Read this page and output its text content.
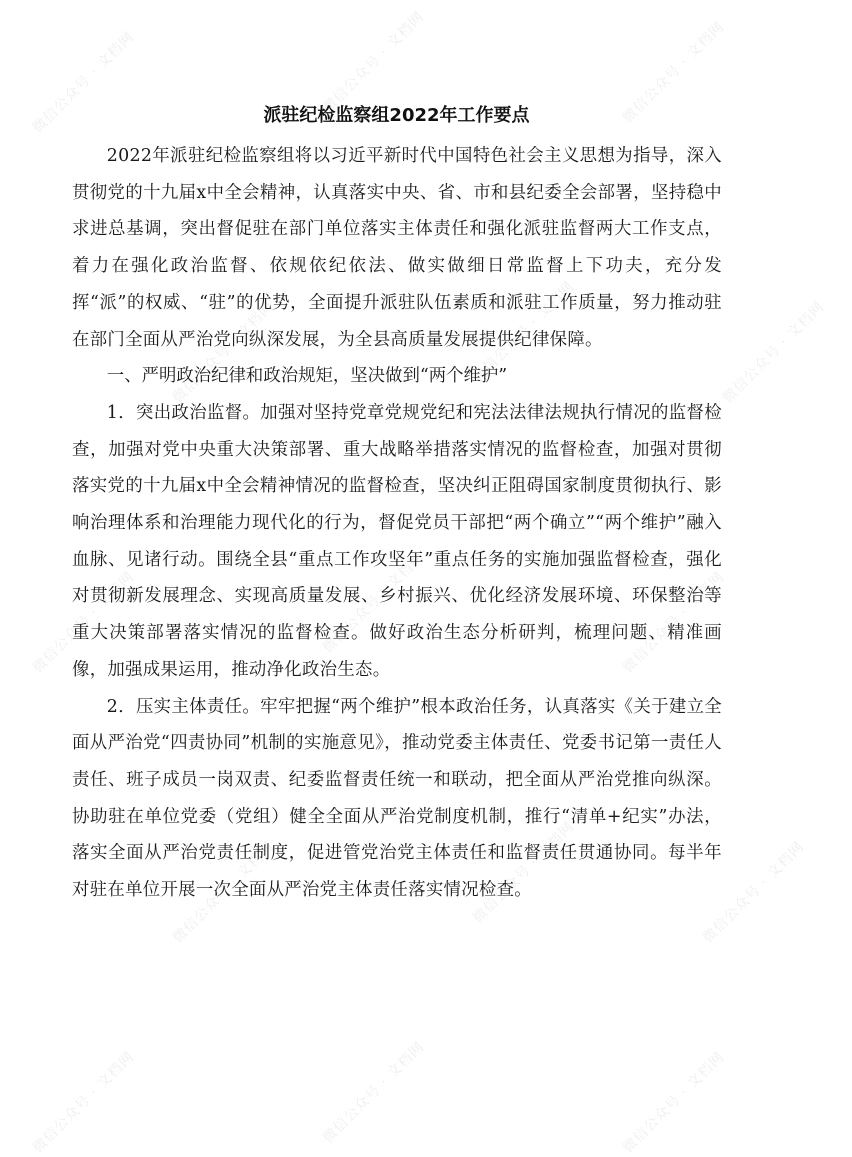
微信公众号 · 文档网	微信公众号 · 文档网	微信公众号 · 文档网
微信公众号 · 文档网	微信公众号 · 文档网	微信公众号 · 文档网
微信公众号 · 文档网	微信公众号 · 文档网	微信公众号 · 文档网
微信公众号 · 文档网	微信公众号 · 文档网	微信公众号 · 文档网
微信公众号 · 文档网	微信公众号 · 文档网	微信公众号 · 文档网
派驻纪检监察组2022年工作要点

2022年派驻纪检监察组将以习近平新时代中国特色社会主义思想为指导，深入贯彻党的十九届x中全会精神，认真落实中央、省、市和县纪委全会部署，坚持稳中求进总基调，突出督促驻在部门单位落实主体责任和强化派驻监督两大工作支点，着力在强化政治监督、依规依纪依法、做实做细日常监督上下功夫，充分发挥“派”的权威、“驻”的优势，全面提升派驻队伍素质和派驻工作质量，努力推动驻在部门全面从严治党向纵深发展，为全县高质量发展提供纪律保障。

一、严明政治纪律和政治规矩，坚决做到“两个维护”

1．突出政治监督。加强对坚持党章党规党纪和宪法法律法规执行情况的监督检查，加强对党中央重大决策部署、重大战略举措落实情况的监督检查，加强对贯彻落实党的十九届x中全会精神情况的监督检查，坚决纠正阻碍国家制度贯彻执行、影响治理体系和治理能力现代化的行为，督促党员干部把“两个确立”“两个维护”融入血脉、见诸行动。围绕全县“重点工作攻坚年”重点任务的实施加强监督检查，强化对贯彻新发展理念、实现高质量发展、乡村振兴、优化经济发展环境、环保整治等重大决策部署落实情况的监督检查。做好政治生态分析研判，梳理问题、精准画像，加强成果运用，推动净化政治生态。

2．压实主体责任。牢牢把握“两个维护”根本政治任务，认真落实《关于建立全面从严治党“四责协同”机制的实施意见》，推动党委主体责任、党委书记第一责任人责任、班子成员一岗双责、纪委监督责任统一和联动，把全面从严治党推向纵深。协助驻在单位党委（党组）健全全面从严治党制度机制，推行“清单+纪实”办法，落实全面从严治党责任制度，促进管党治党主体责任和监督责任贯通协同。每半年对驻在单位开展一次全面从严治党主体责任落实情况检查。
